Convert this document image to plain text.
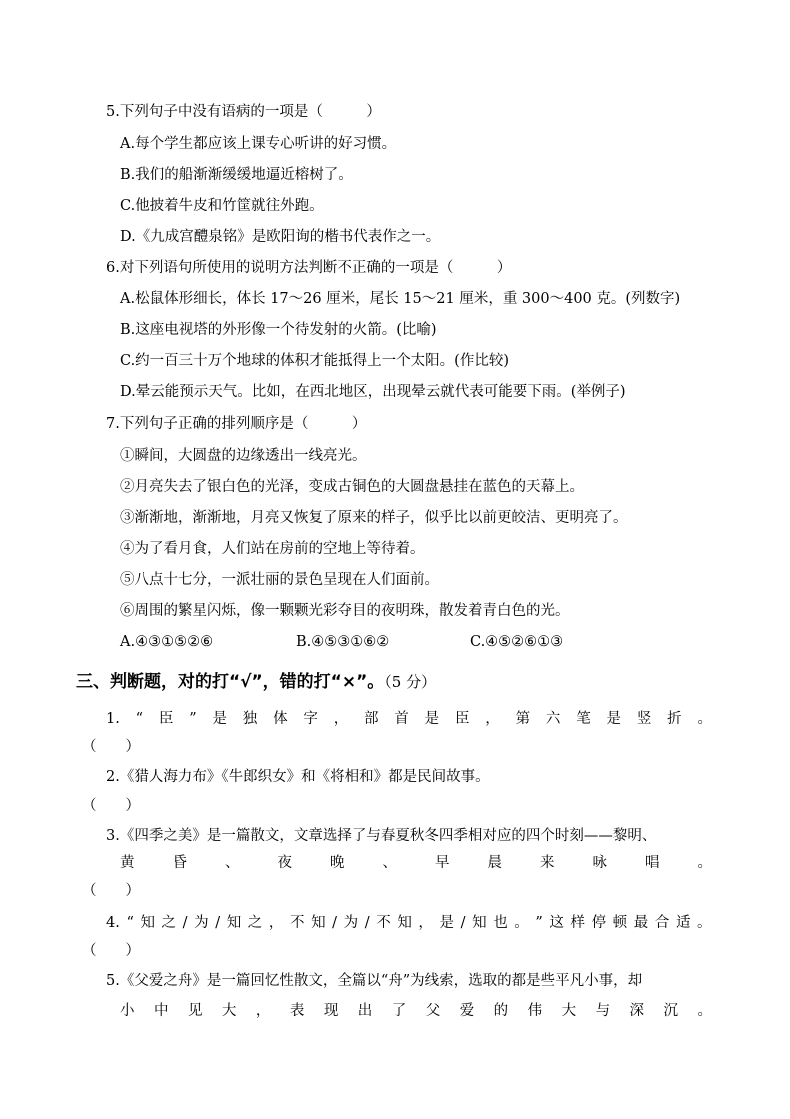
5.下列句子中没有语病的一项是（　　　）
A.每个学生都应该上课专心听讲的好习惯。
B.我们的船渐渐缓缓地逼近榕树了。
C.他披着牛皮和竹筐就往外跑。
D.《九成宫醴泉铭》是欧阳询的楷书代表作之一。
6.对下列语句所使用的说明方法判断不正确的一项是（　　　）
A.松鼠体形细长，体长 17～26 厘米，尾长 15～21 厘米，重 300～400 克。(列数字)
B.这座电视塔的外形像一个待发射的火箭。(比喻)
C.约一百三十万个地球的体积才能抵得上一个太阳。(作比较)
D.晕云能预示天气。比如，在西北地区，出现晕云就代表可能要下雨。(举例子)
7.下列句子正确的排列顺序是（　　　）
①瞬间，大圆盘的边缘透出一线亮光。
②月亮失去了银白色的光泽，变成古铜色的大圆盘悬挂在蓝色的天幕上。
③渐渐地，渐渐地，月亮又恢复了原来的样子，似乎比以前更皎洁、更明亮了。
④为了看月食，人们站在房前的空地上等待着。
⑤八点十七分，一派壮丽的景色呈现在人们面前。
⑥周围的繁星闪烁，像一颗颗光彩夺目的夜明珠，散发着青白色的光。
A.④③①⑤②⑥	B.④⑤③①⑥②	C.④⑤②⑥①③
三、判断题，对的打“√”，错的打“×”。（5 分）
1. “ 臣 ” 是 独 体 字 ， 部 首 是 臣 ， 第 六 笔 是 竖 折 。
（　　）
2.《猎人海力布》《牛郎织女》和《将相和》都是民间故事。
（　　）
3.《四季之美》是一篇散文，文章选择了与春夏秋冬四季相对应的四个时刻——黎明、
黄	昏	、	夜	晚	、	早	晨	来	咏	唱	。
（　　）
4. “ 知 之 / 为 / 知 之 ， 不 知 / 为 / 不 知 ， 是 / 知 也 。 ” 这 样 停 顿 最 合 适 。
（　　）
5.《父爱之舟》是一篇回忆性散文，全篇以“舟”为线索，选取的都是些平凡小事，却
小 中 见 大 ， 表 现 出 了 父 爱 的 伟 大 与 深 沉 。
